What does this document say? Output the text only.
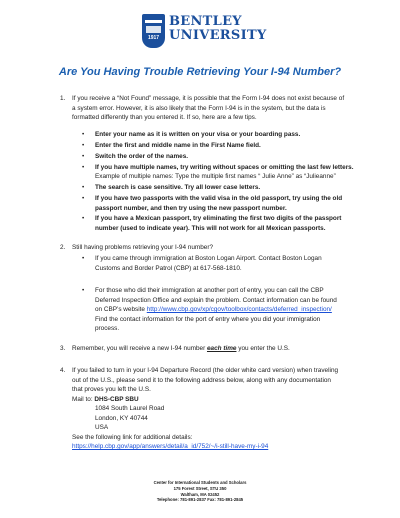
1917
BENTLEY
UNIVERSITY
Are You Having Trouble Retrieving Your I-94 Number?
1. If you receive a “Not Found” message, it is possible that the Form I-94 does not exist because of
a system error. However, it is also likely that the Form I-94 is in the system, but the data is
formatted differently than you entered it. If so, here are a few tips.
• Enter your name as it is written on your visa or your boarding pass.
• Enter the first and middle name in the First Name field.
• Switch the order of the names.
• If you have multiple names, try writing without spaces or omitting the last few letters.
Example of multiple names: Type the multiple first names “ Julie Anne” as “Julieanne”
• The search is case sensitive. Try all lower case letters.
• If you have two passports with the valid visa in the old passport, try using the old
passport number, and then try using the new passport number.
• If you have a Mexican passport, try eliminating the first two digits of the passport
number (used to indicate year). This will not work for all Mexican passports.
2. Still having problems retrieving your I-94 number?
• If you came through immigration at Boston Logan Airport. Contact Boston Logan
Customs and Border Patrol (CBP) at 617-568-1810.
• For those who did their immigration at another port of entry, you can call the CBP
Deferred Inspection Office and explain the problem. Contact information can be found
on CBP’s website http://www.cbp.gov/xp/cgov/toolbox/contacts/deferred_inspection/
Find the contact information for the port of entry where you did your immigration
process.
3. Remember, you will receive a new I-94 number each time you enter the U.S.
4. If you failed to turn in your I-94 Departure Record (the older white card version) when traveling
out of the U.S., please send it to the following address below, along with any documentation
that proves you left the U.S.
Mail to: DHS-CBP SBU
1084 South Laurel Road
London, KY 40744
USA
See the following link for additional details:
https://help.cbp.gov/app/answers/detail/a_id/752/~/i-still-have-my-i-94
Center for International Students and Scholars
175 Forest Street, STU 350
Waltham, MA 02452
Telephone: 781-891-2837 Fax: 781-891-2845
